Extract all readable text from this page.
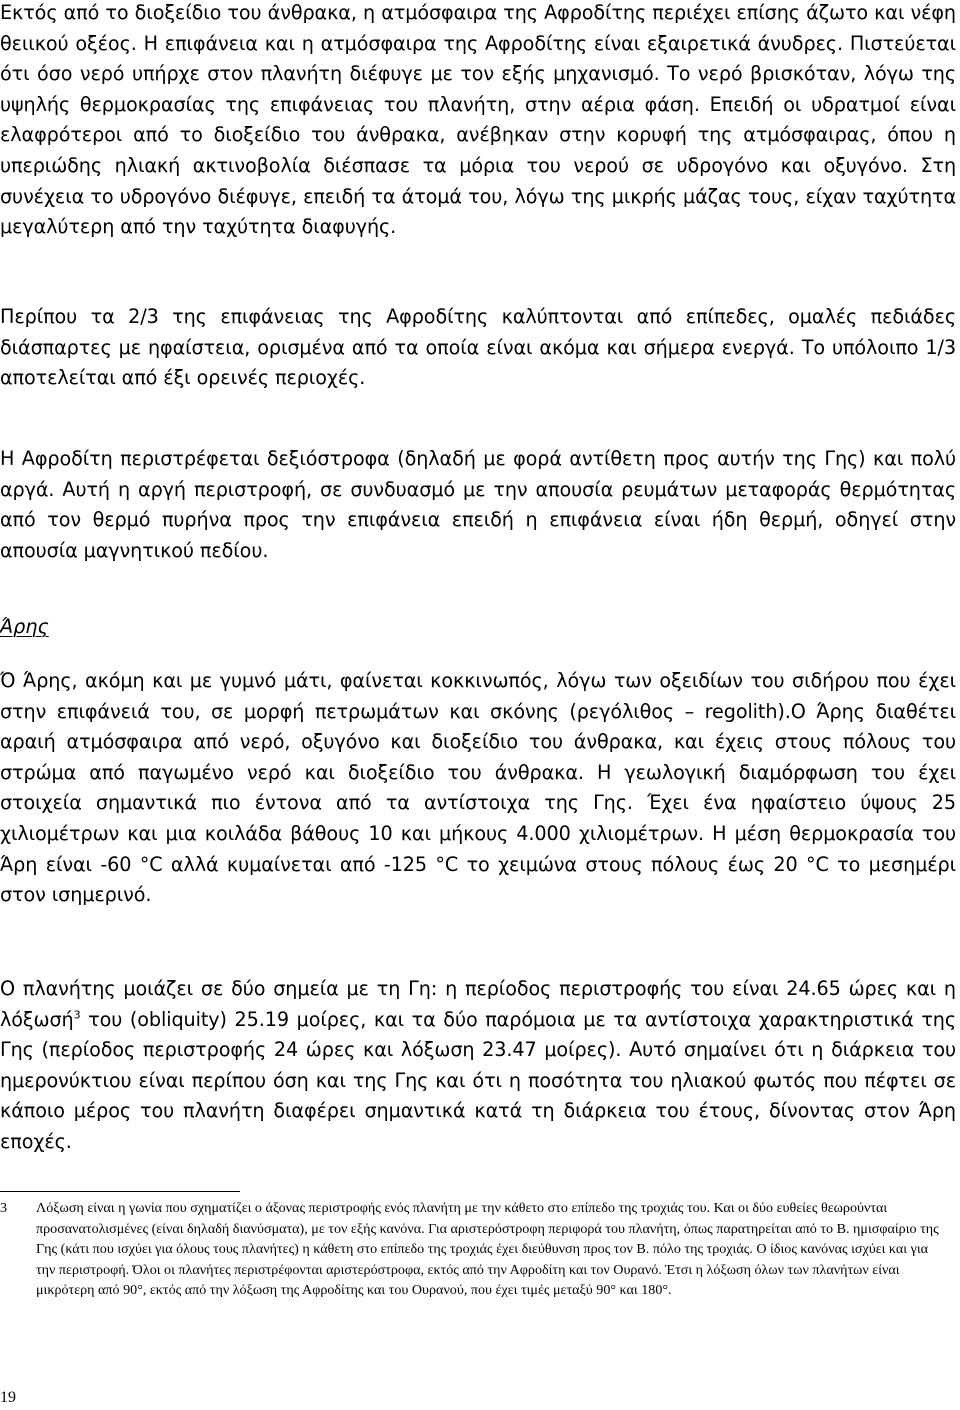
Εκτός από το διοξείδιο του άνθρακα, η ατμόσφαιρα της Αφροδίτης περιέχει επίσης άζωτο και νέφη θειικού οξέος. Η επιφάνεια και η ατμόσφαιρα της Αφροδίτης είναι εξαιρετικά άνυδρες. Πιστεύεται ότι όσο νερό υπήρχε στον πλανήτη διέφυγε με τον εξής μηχανισμό. Το νερό βρισκόταν, λόγω της υψηλής θερμοκρασίας της επιφάνειας του πλανήτη, στην αέρια φάση. Επειδή οι υδρατμοί είναι ελαφρότεροι από το διοξείδιο του άνθρακα, ανέβηκαν στην κορυφή της ατμόσφαιρας, όπου η υπεριώδης ηλιακή ακτινοβολία διέσπασε τα μόρια του νερού σε υδρογόνο και οξυγόνο. Στη συνέχεια το υδρογόνο διέφυγε, επειδή τα άτομά του, λόγω της μικρής μάζας τους, είχαν ταχύτητα μεγαλύτερη από την ταχύτητα διαφυγής.

Περίπου τα 2/3 της επιφάνειας της Αφροδίτης καλύπτονται από επίπεδες, ομαλές πεδιάδες διάσπαρτες με ηφαίστεια, ορισμένα από τα οποία είναι ακόμα και σήμερα ενεργά. Το υπόλοιπο 1/3 αποτελείται από έξι ορεινές περιοχές.

Η Αφροδίτη περιστρέφεται δεξιόστροφα (δηλαδή με φορά αντίθετη προς αυτήν της Γης) και πολύ αργά. Αυτή η αργή περιστροφή, σε συνδυασμό με την απουσία ρευμάτων μεταφοράς θερμότητας από τον θερμό πυρήνα προς την επιφάνεια επειδή η επιφάνεια είναι ήδη θερμή, οδηγεί στην απουσία μαγνητικού πεδίου.

Άρης

Ό Άρης, ακόμη και με γυμνό μάτι, φαίνεται κοκκινωπός, λόγω των οξειδίων του σιδήρου που έχει στην επιφάνειά του, σε μορφή πετρωμάτων και σκόνης (ρεγόλιθος – regolith).Ο Άρης διαθέτει αραιή ατμόσφαιρα από νερό, οξυγόνο και διοξείδιο του άνθρακα, και έχεις στους πόλους του στρώμα από παγωμένο νερό και διοξείδιο του άνθρακα. Η γεωλογική διαμόρφωση του έχει στοιχεία σημαντικά πιο έντονα από τα αντίστοιχα της Γης. Έχει ένα ηφαίστειο ύψους 25 χιλιομέτρων και μια κοιλάδα βάθους 10 και μήκους 4.000 χιλιομέτρων. Η μέση θερμοκρασία του Άρη είναι -60 °C αλλά κυμαίνεται από -125 °C το χειμώνα στους πόλους έως 20 °C το μεσημέρι στον ισημερινό.

Ο πλανήτης μοιάζει σε δύο σημεία με τη Γη: η περίοδος περιστροφής του είναι 24.65 ώρες και η λόξωσή$^3$ του (obliquity) 25.19 μοίρες, και τα δύο παρόμοια με τα αντίστοιχα χαρακτηριστικά της Γης (περίοδος περιστροφής 24 ώρες και λόξωση 23.47 μοίρες). Αυτό σημαίνει ότι η διάρκεια του ημερονύκτιου είναι περίπου όση και της Γης και ότι η ποσότητα του ηλιακού φωτός που πέφτει σε κάποιο μέρος του πλανήτη διαφέρει σημαντικά κατά τη διάρκεια του έτους, δίνοντας στον Άρη εποχές.

3	Λόξωση είναι η γωνία που σχηματίζει ο άξονας περιστροφής ενός πλανήτη με την κάθετο στο επίπεδο της τροχιάς του. Και οι δύο ευθείες θεωρούνται προσανατολισμένες (είναι δηλαδή διανύσματα), με τον εξής κανόνα. Για αριστερόστροφη περιφορά του πλανήτη, όπως παρατηρείται από το Β. ημισφαίριο της Γης (κάτι που ισχύει για όλους τους πλανήτες) η κάθετη στο επίπεδο της τροχιάς έχει διεύθυνση προς τον Β. πόλο της τροχιάς. Ο ίδιος κανόνας ισχύει και για την περιστροφή. Όλοι οι πλανήτες περιστρέφονται αριστερόστροφα, εκτός από την Αφροδίτη και τον Ουρανό. Έτσι η λόξωση όλων των πλανήτων είναι μικρότερη από 90°, εκτός από την λόξωση της Αφροδίτης και του Ουρανού, που έχει τιμές μεταξύ 90° και 180°.

19
